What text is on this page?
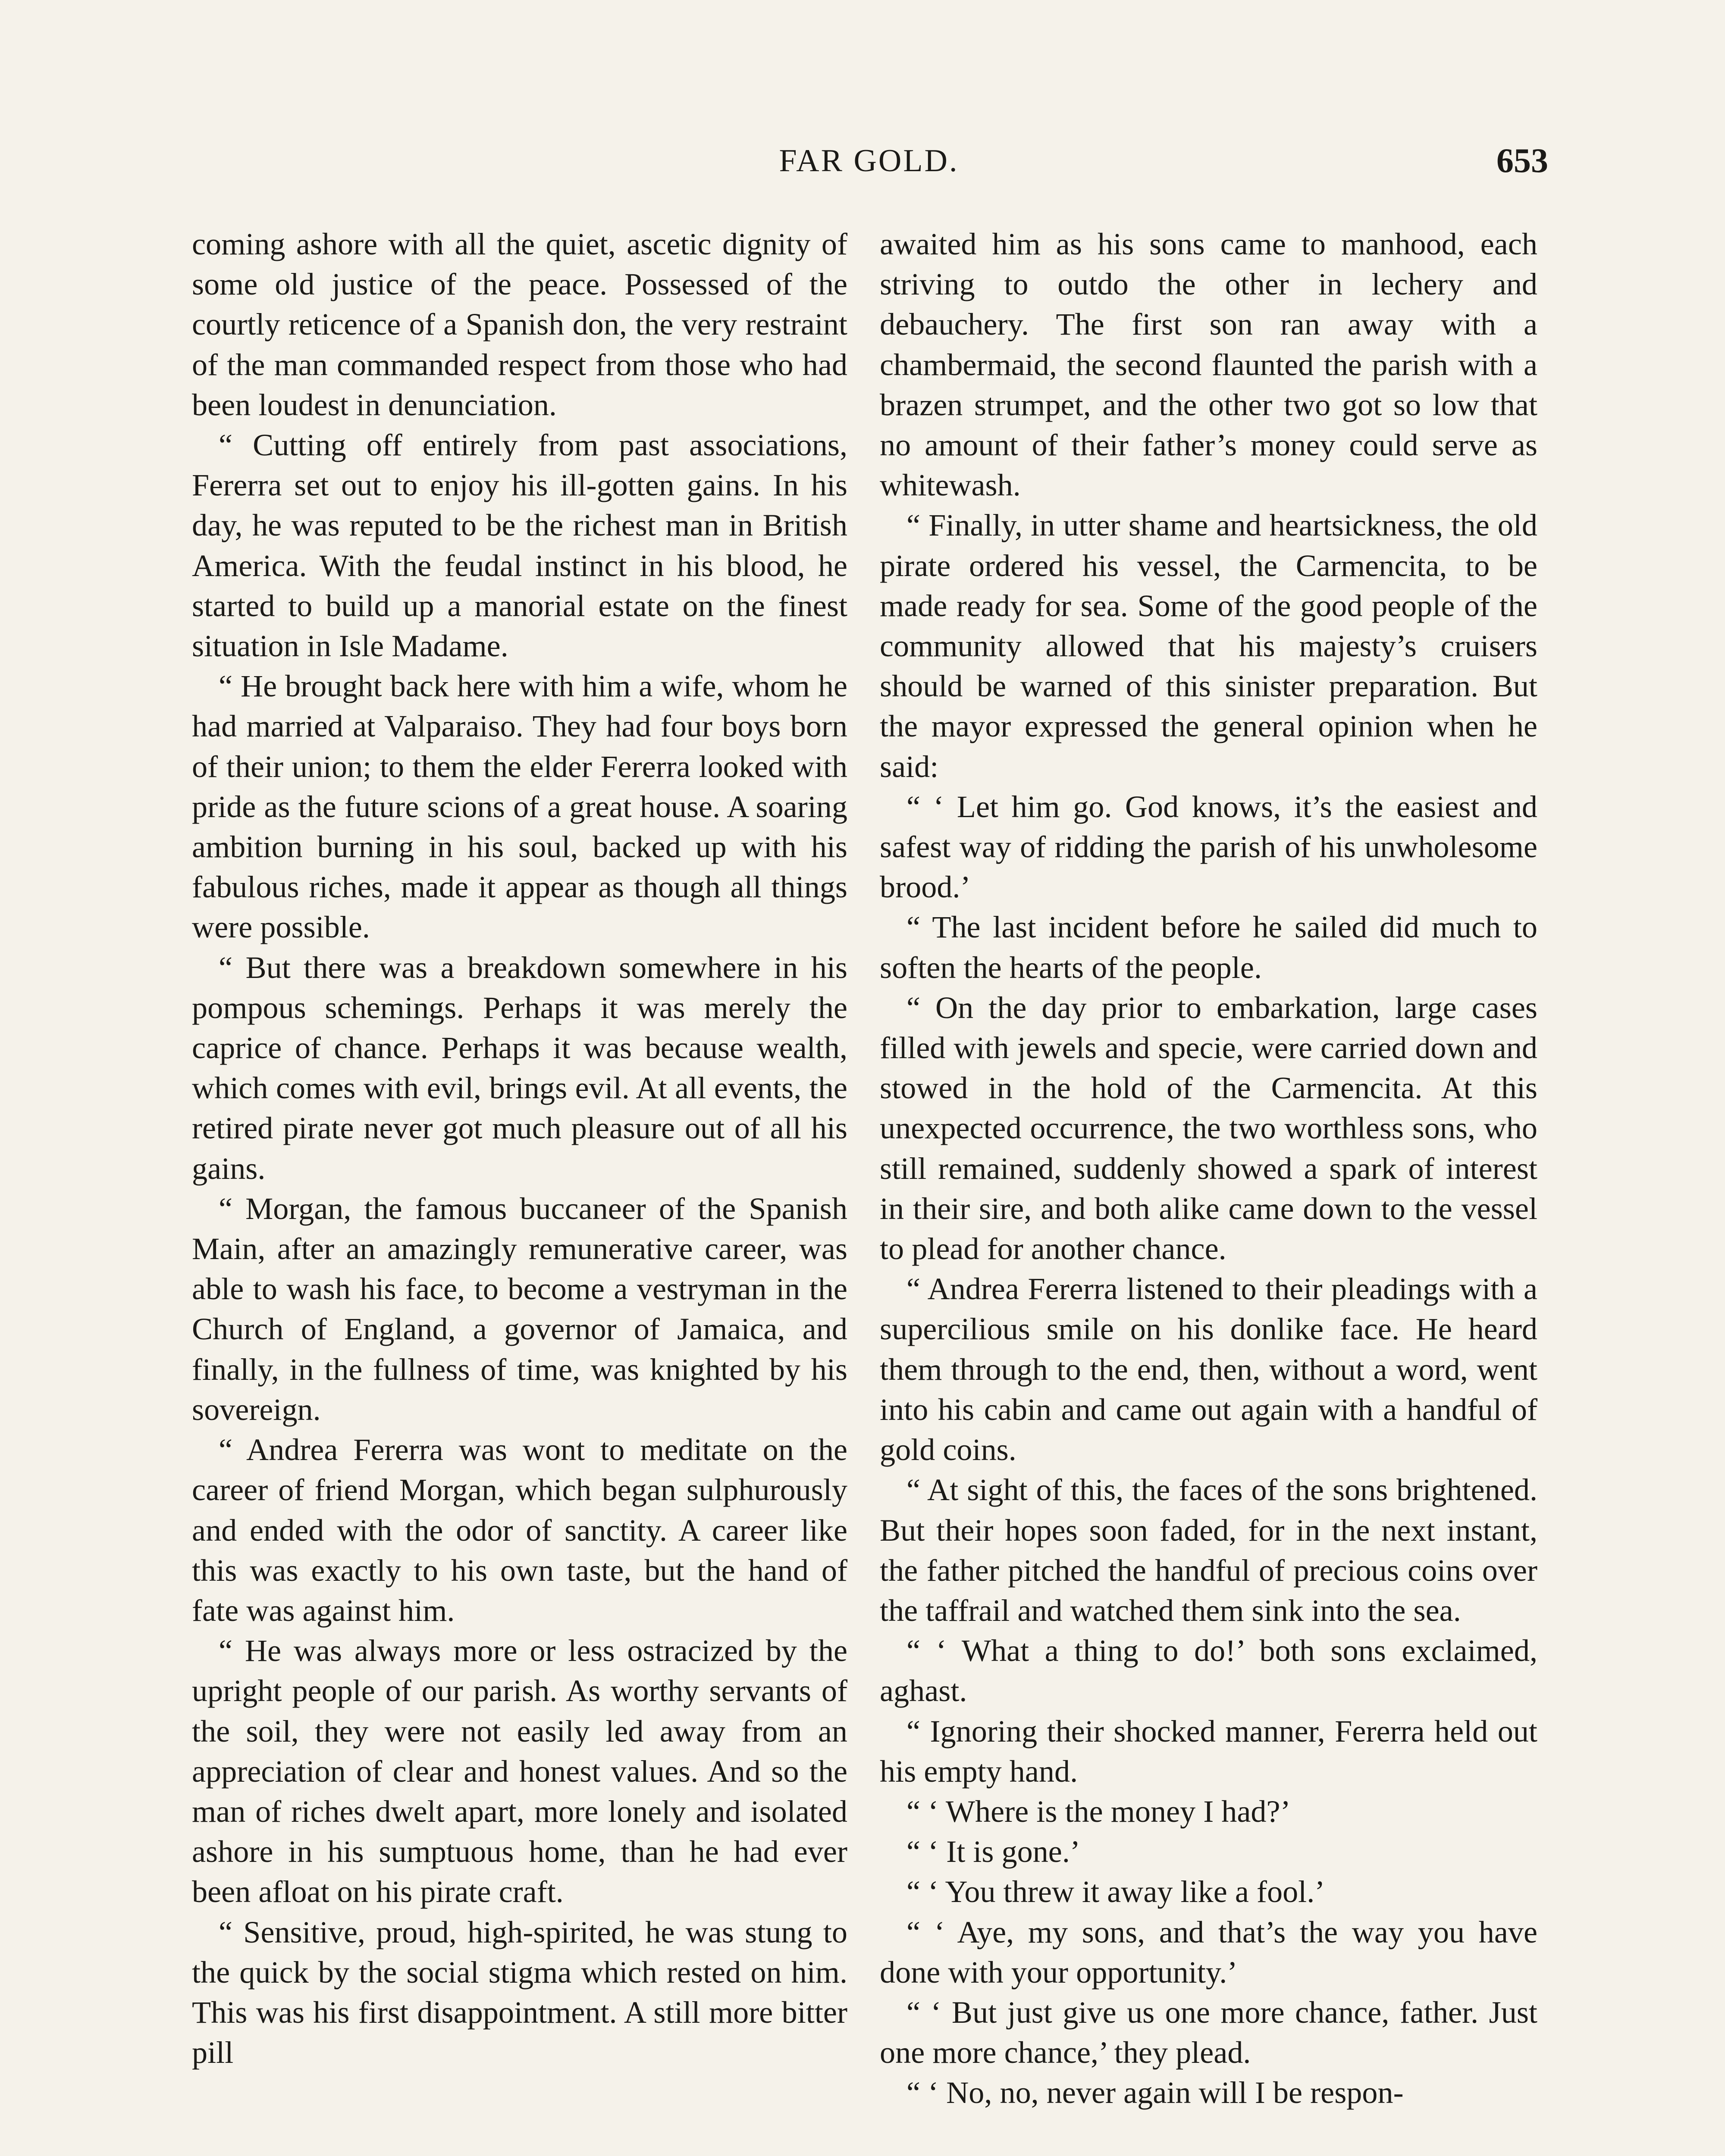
FAR GOLD.	653

coming ashore with all the quiet, ascetic dignity of some old justice of the peace. Possessed of the courtly reticence of a Spanish don, the very restraint of the man commanded respect from those who had been loudest in denunciation.

“ Cutting off entirely from past associations, Fererra set out to enjoy his ill-gotten gains. In his day, he was reputed to be the richest man in British America. With the feudal instinct in his blood, he started to build up a manorial estate on the finest situation in Isle Madame.

“ He brought back here with him a wife, whom he had married at Valparaiso. They had four boys born of their union; to them the elder Fererra looked with pride as the future scions of a great house. A soaring ambition burning in his soul, backed up with his fabulous riches, made it appear as though all things were possible.

“ But there was a breakdown somewhere in his pompous schemings. Perhaps it was merely the caprice of chance. Perhaps it was because wealth, which comes with evil, brings evil. At all events, the retired pirate never got much pleasure out of all his gains.

“ Morgan, the famous buccaneer of the Spanish Main, after an amazingly remunerative career, was able to wash his face, to become a vestryman in the Church of England, a governor of Jamaica, and finally, in the fullness of time, was knighted by his sovereign.

“ Andrea Fererra was wont to meditate on the career of friend Morgan, which began sulphurously and ended with the odor of sanctity. A career like this was exactly to his own taste, but the hand of fate was against him.

“ He was always more or less ostracized by the upright people of our parish. As worthy servants of the soil, they were not easily led away from an appreciation of clear and honest values. And so the man of riches dwelt apart, more lonely and isolated ashore in his sumptuous home, than he had ever been afloat on his pirate craft.

“ Sensitive, proud, high-spirited, he was stung to the quick by the social stigma which rested on him. This was his first disappointment. A still more bitter pill

awaited him as his sons came to manhood, each striving to outdo the other in lechery and debauchery. The first son ran away with a chambermaid, the second flaunted the parish with a brazen strumpet, and the other two got so low that no amount of their father’s money could serve as whitewash.

“ Finally, in utter shame and heartsickness, the old pirate ordered his vessel, the Carmencita, to be made ready for sea. Some of the good people of the community allowed that his majesty’s cruisers should be warned of this sinister preparation. But the mayor expressed the general opinion when he said:

“ ‘ Let him go. God knows, it’s the easiest and safest way of ridding the parish of his unwholesome brood.’

“ The last incident before he sailed did much to soften the hearts of the people.

“ On the day prior to embarkation, large cases filled with jewels and specie, were carried down and stowed in the hold of the Carmencita. At this unexpected occurrence, the two worthless sons, who still remained, suddenly showed a spark of interest in their sire, and both alike came down to the vessel to plead for another chance.

“ Andrea Fererra listened to their pleadings with a supercilious smile on his donlike face. He heard them through to the end, then, without a word, went into his cabin and came out again with a handful of gold coins.

“ At sight of this, the faces of the sons brightened. But their hopes soon faded, for in the next instant, the father pitched the handful of precious coins over the taffrail and watched them sink into the sea.

“ ‘ What a thing to do!’ both sons exclaimed, aghast.

“ Ignoring their shocked manner, Fererra held out his empty hand.

“ ‘ Where is the money I had?’

“ ‘ It is gone.’

“ ‘ You threw it away like a fool.’

“ ‘ Aye, my sons, and that’s the way you have done with your opportunity.’

“ ‘ But just give us one more chance, father. Just one more chance,’ they plead.

“ ‘ No, no, never again will I be respon-
